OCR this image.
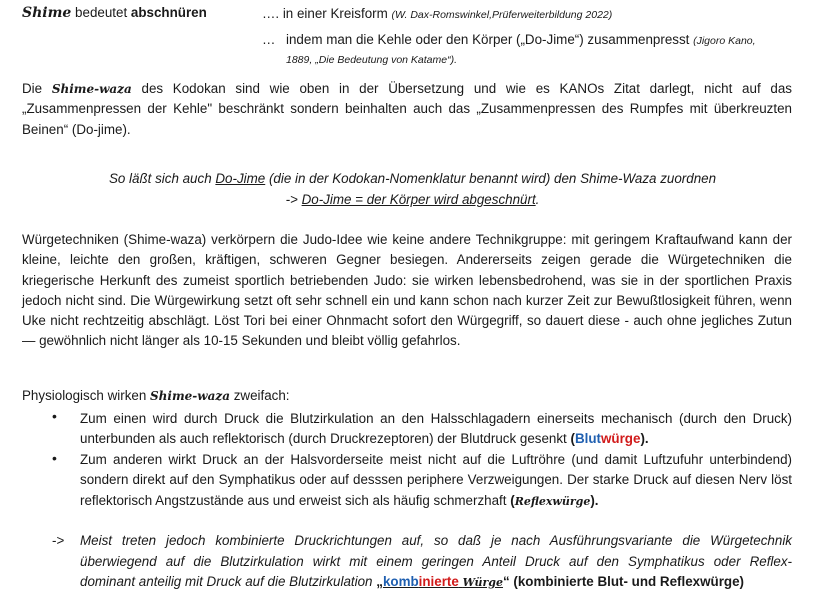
Shime bedeutet abschnüren	…. in einer Kreisform (W. Dax-Romswinkel,Prüferweiterbildung 2022)
… indem man die Kehle oder den Körper („Do-Jime“) zusammenpresst (Jigoro Kano,
1889, „Die Bedeutung von Katame“).

Die Shime-waza des Kodokan sind wie oben in der Übersetzung und wie es KANOs Zitat darlegt, nicht auf das „Zusammenpressen der Kehle" beschränkt sondern beinhalten auch das „Zusammenpressen des Rumpfes mit überkreuzten Beinen“ (Do-jime).

So läßt sich auch Do-Jime (die in der Kodokan-Nomenklatur benannt wird) den Shime-Waza zuordnen
-> Do-Jime = der Körper wird abgeschnürt.

Würgetechniken (Shime-waza) verkörpern die Judo-Idee wie keine andere Technikgruppe: mit geringem Kraftaufwand kann der kleine, leichte den großen, kräftigen, schweren Gegner besiegen. Andererseits zeigen gerade die Würgetechniken die kriegerische Herkunft des zumeist sportlich betriebenden Judo: sie wirken lebensbedrohend, was sie in der sportlichen Praxis jedoch nicht sind. Die Würgewirkung setzt oft sehr schnell ein und kann schon nach kurzer Zeit zur Bewußtlosigkeit führen, wenn Uke nicht rechtzeitig abschlägt. Löst Tori bei einer Ohnmacht sofort den Würgegriff, so dauert diese - auch ohne jegliches Zutun — gewöhnlich nicht länger als 10-15 Sekunden und bleibt völlig gefahrlos.

Physiologisch wirken Shime-waza zweifach:
• Zum einen wird durch Druck die Blutzirkulation an den Halsschlagadern einerseits mechanisch (durch den Druck) unterbunden als auch reflektorisch (durch Druckrezeptoren) der Blutdruck gesenkt (Blutwürge).

• Zum anderen wirkt Druck an der Halsvorderseite meist nicht auf die Luftröhre (und damit Luftzufuhr unterbindend) sondern direkt auf den Symphatikus oder auf desssen periphere Verzweigungen. Der starke Druck auf diesen Nerv löst reflektorisch Angstzustände aus und erweist sich als häufig schmerzhaft (Reflexwürge).

-> Meist treten jedoch kombinierte Druckrichtungen auf, so daß je nach Ausführungsvariante die Würgetechnik
überwiegend auf die Blutzirkulation wirkt mit einem geringen Anteil Druck auf den Symphatikus oder Reflex-
dominant anteilig mit Druck auf die Blutzirkulation „kombinierte Würge“ (kombinierte Blut- und Reflexwürge)
